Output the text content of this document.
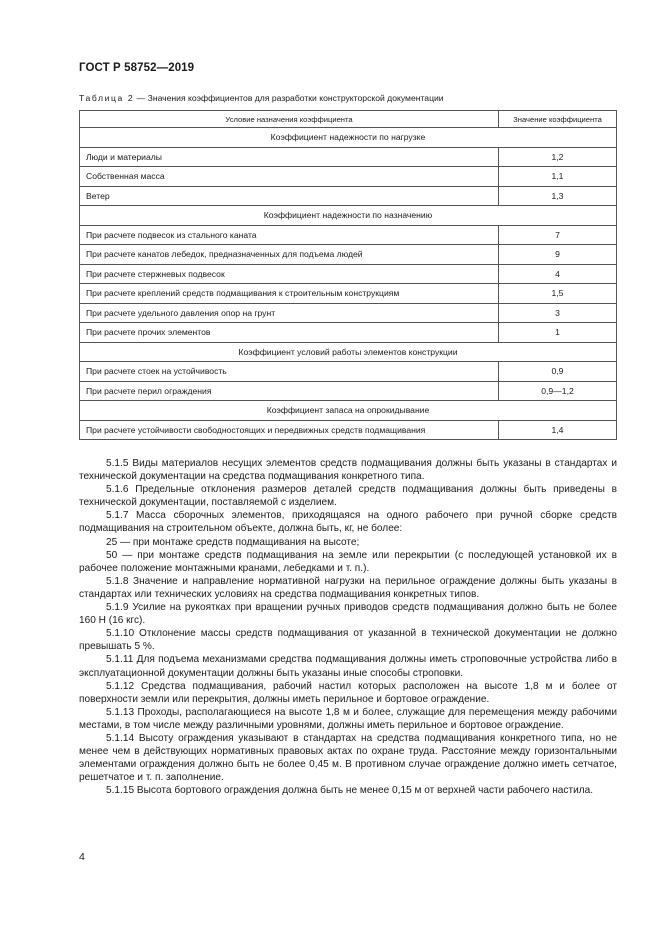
ГОСТ Р 58752—2019
Таблица 2 — Значения коэффициентов для разработки конструкторской документации
Условие назначения коэффициента	Значение коэффициента
Коэффициент надежности по нагрузке	
Люди и материалы	1,2
Собственная масса	1,1
Ветер	1,3
Коэффициент надежности по назначению	
При расчете подвесок из стального каната	7
При расчете канатов лебедок, предназначенных для подъема людей	9
При расчете стержневых подвесок	4
При расчете креплений средств подмащивания к строительным конструкциям	1,5
При расчете удельного давления опор на грунт	3
При расчете прочих элементов	1
Коэффициент условий работы элементов конструкции	
При расчете стоек на устойчивость	0,9
При расчете перил ограждения	0,9—1,2
Коэффициент запаса на опрокидывание	
При расчете устойчивости свободностоящих и передвижных средств подмащивания	1,4

5.1.5 Виды материалов несущих элементов средств подмащивания должны быть указаны в стандартах и технической документации на средства подмащивания конкретного типа.

5.1.6 Предельные отклонения размеров деталей средств подмащивания должны быть приведены в технической документации, поставляемой с изделием.

5.1.7 Масса сборочных элементов, приходящаяся на одного рабочего при ручной сборке средств подмащивания на строительном объекте, должна быть, кг, не более:

25 — при монтаже средств подмащивания на высоте;

50 — при монтаже средств подмащивания на земле или перекрытии (с последующей установкой их в рабочее положение монтажными кранами, лебедками и т. п.).

5.1.8 Значение и направление нормативной нагрузки на перильное ограждение должны быть указаны в стандартах или технических условиях на средства подмащивания конкретных типов.

5.1.9 Усилие на рукоятках при вращении ручных приводов средств подмащивания должно быть не более 160 Н (16 кгс).

5.1.10 Отклонение массы средств подмащивания от указанной в технической документации не должно превышать 5 %.

5.1.11 Для подъема механизмами средства подмащивания должны иметь строповочные устройства либо в эксплуатационной документации должны быть указаны иные способы строповки.

5.1.12 Средства подмащивания, рабочий настил которых расположен на высоте 1,8 м и более от поверхности земли или перекрытия, должны иметь перильное и бортовое ограждение.

5.1.13 Проходы, располагающиеся на высоте 1,8 м и более, служащие для перемещения между рабочими местами, в том числе между различными уровнями, должны иметь перильное и бортовое ограждение.

5.1.14 Высоту ограждения указывают в стандартах на средства подмащивания конкретного типа, но не менее чем в действующих нормативных правовых актах по охране труда. Расстояние между горизонтальными элементами ограждения должно быть не более 0,45 м. В противном случае ограждение должно иметь сетчатое, решетчатое и т. п. заполнение.

5.1.15 Высота бортового ограждения должна быть не менее 0,15 м от верхней части рабочего настила.

4
